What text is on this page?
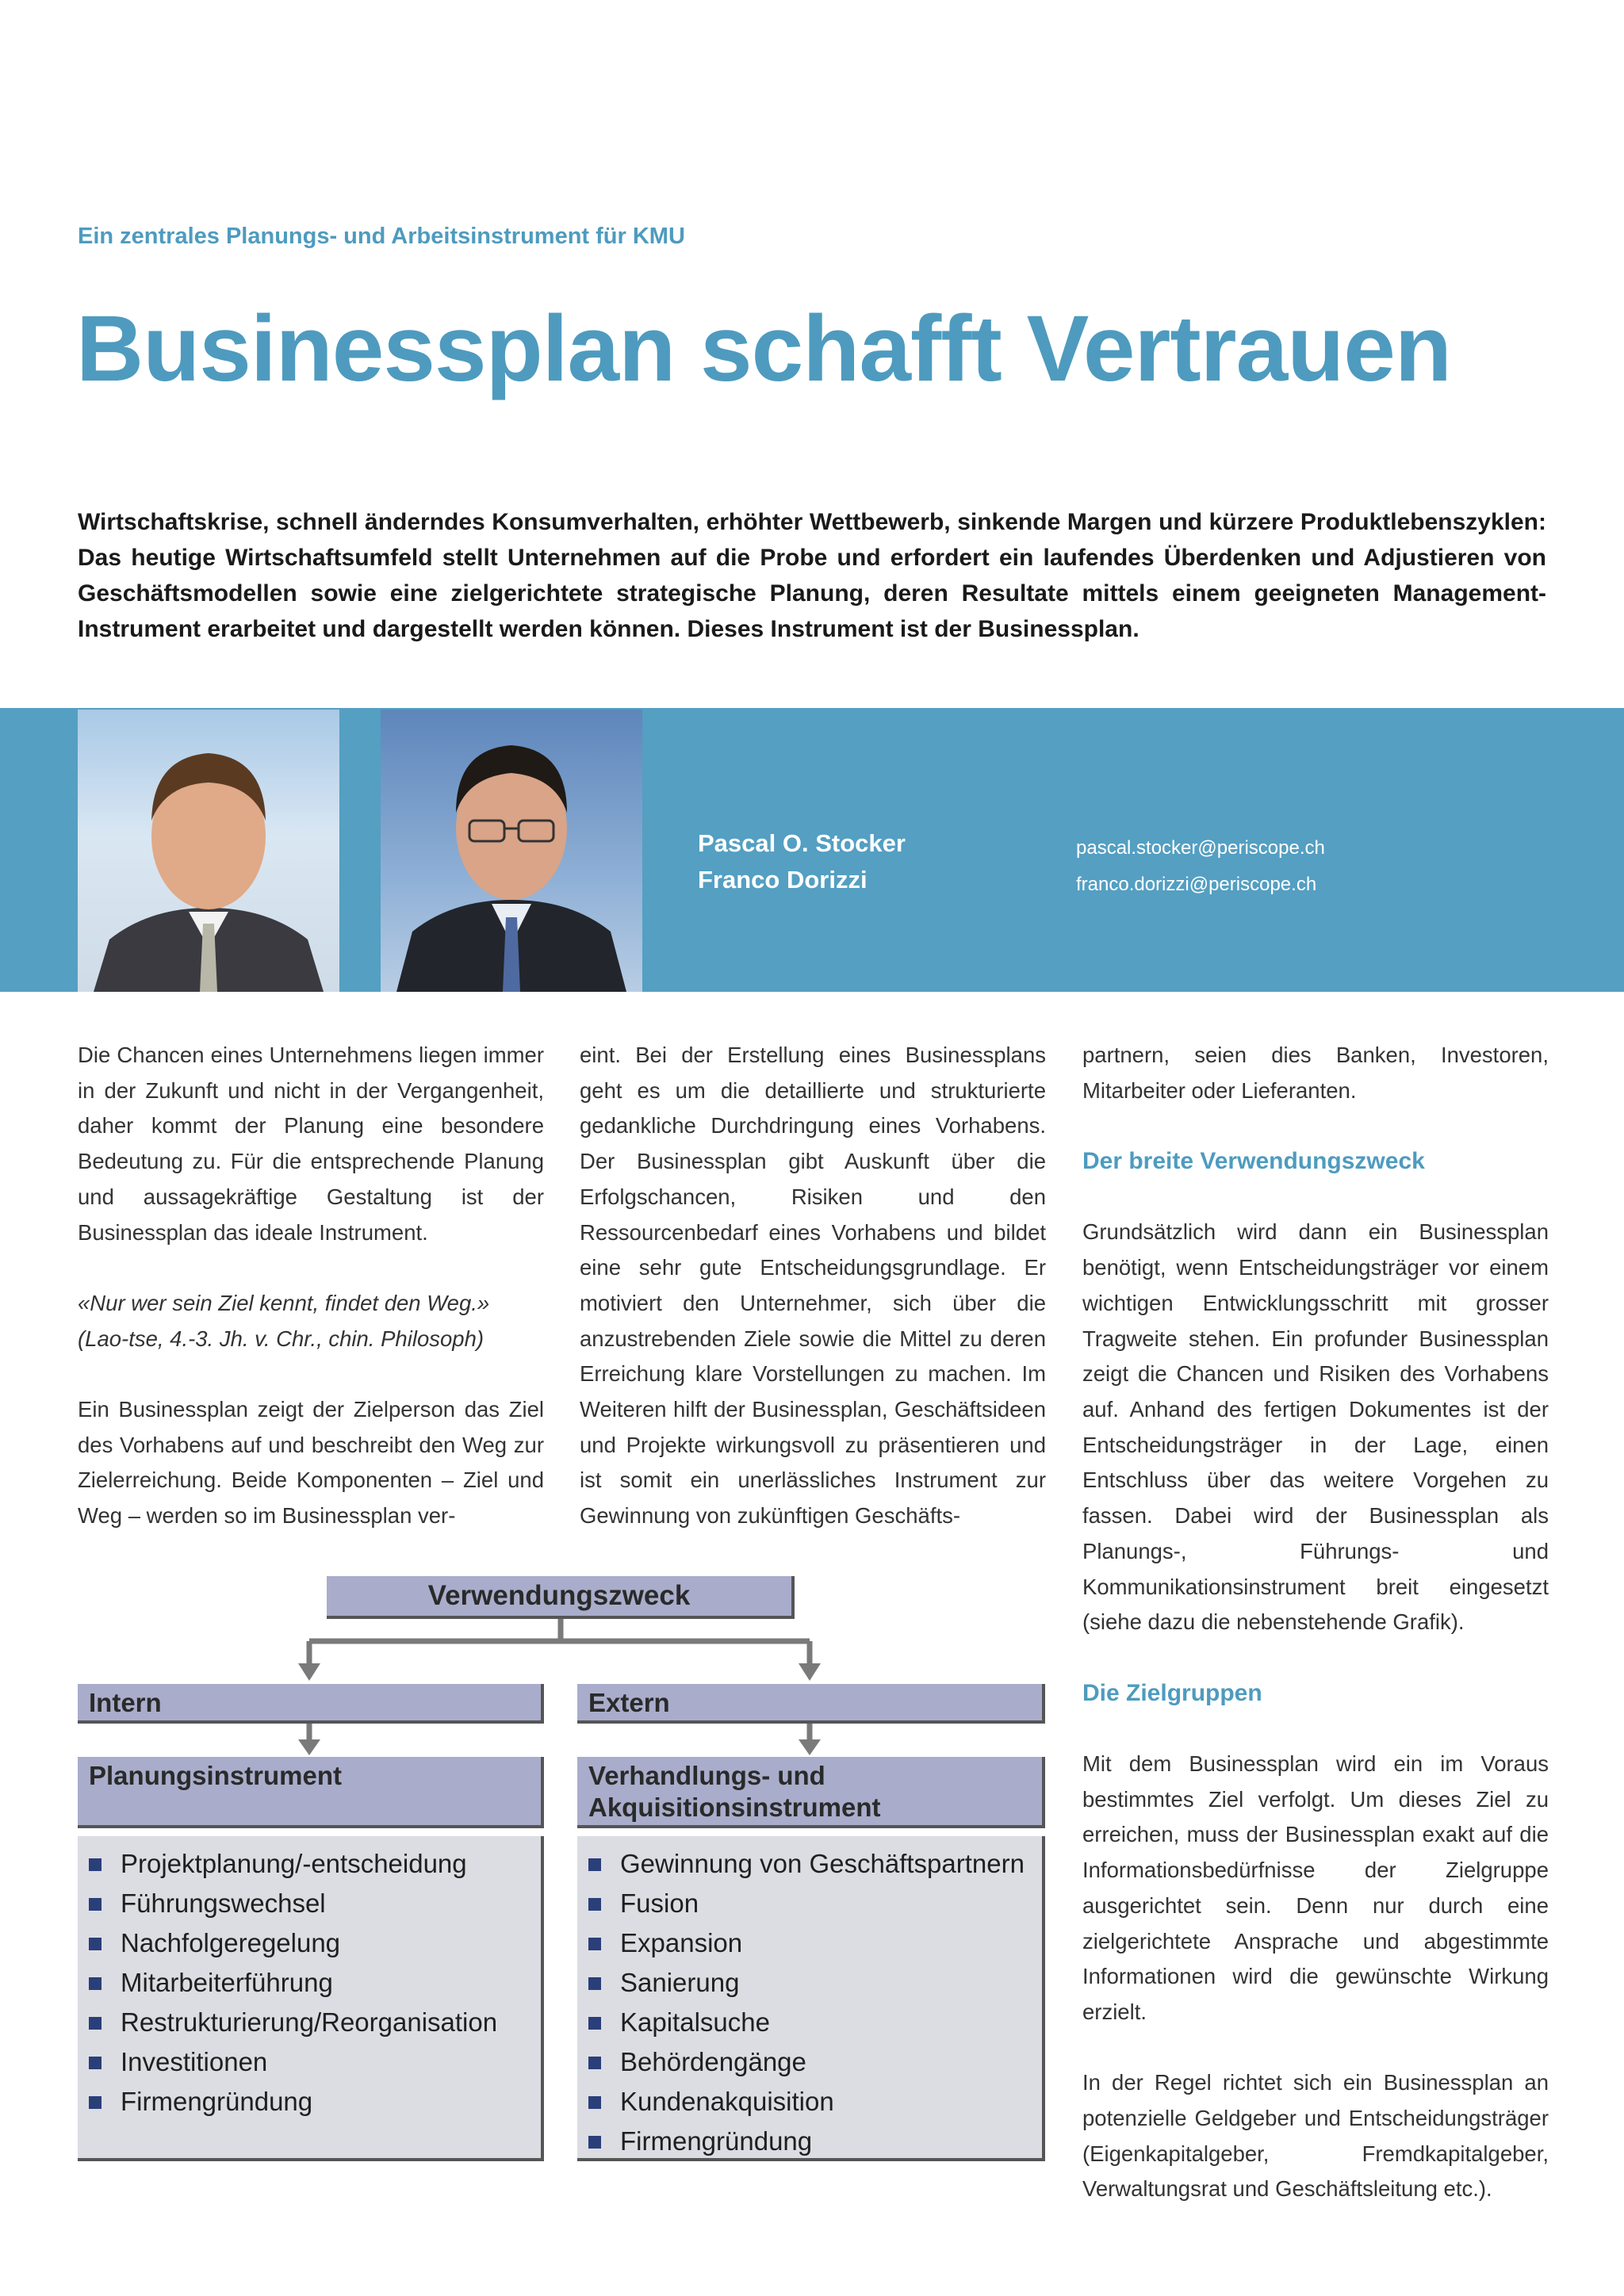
Ein zentrales Planungs- und Arbeitsinstrument für KMU
Businessplan schafft Vertrauen
Wirtschaftskrise, schnell änderndes Konsumverhalten, erhöhter Wettbewerb, sinkende Margen und kürzere Produktlebenszyklen: Das heutige Wirtschaftsumfeld stellt Unternehmen auf die Probe und erfordert ein laufendes Überdenken und Adjustieren von Geschäftsmodellen sowie eine zielgerichtete strategische Planung, deren Resultate mittels einem geeigneten Management-Instrument erarbeitet und dargestellt werden können. Dieses Instrument ist der Businessplan.
Pascal O. Stocker
Franco Dorizzi
pascal.stocker@periscope.ch
franco.dorizzi@periscope.ch

Die Chancen eines Unternehmens liegen immer in der Zukunft und nicht in der Vergangenheit, daher kommt der Planung eine besondere Bedeutung zu. Für die entsprechende Planung und aussagekräftige Gestaltung ist der Businessplan das ideale Instrument.

«Nur wer sein Ziel kennt, findet den Weg.»
(Lao-tse, 4.-3. Jh. v. Chr., chin. Philosoph)

Ein Businessplan zeigt der Zielperson das Ziel des Vorhabens auf und beschreibt den Weg zur Zielerreichung. Beide Komponenten – Ziel und Weg – werden so im Businessplan ver-

eint. Bei der Erstellung eines Businessplans geht es um die detaillierte und strukturierte gedankliche Durchdringung eines Vorhabens. Der Businessplan gibt Auskunft über die Erfolgschancen, Risiken und den Ressourcenbedarf eines Vorhabens und bildet eine sehr gute Entscheidungsgrundlage. Er motiviert den Unternehmer, sich über die anzustrebenden Ziele sowie die Mittel zu deren Erreichung klare Vorstellungen zu machen. Im Weiteren hilft der Businessplan, Geschäftsideen und Projekte wirkungsvoll zu präsentieren und ist somit ein unerlässliches Instrument zur Gewinnung von zukünftigen Geschäfts-

partnern, seien dies Banken, Investoren, Mitarbeiter oder Lieferanten.

Der breite Verwendungszweck

Grundsätzlich wird dann ein Businessplan benötigt, wenn Entscheidungsträger vor einem wichtigen Entwicklungsschritt mit grosser Tragweite stehen. Ein profunder Businessplan zeigt die Chancen und Risiken des Vorhabens auf. Anhand des fertigen Dokumentes ist der Entscheidungsträger in der Lage, einen Entschluss über das weitere Vorgehen zu fassen. Dabei wird der Businessplan als Planungs-, Führungs- und Kommunikationsinstrument breit eingesetzt (siehe dazu die nebenstehende Grafik).

Die Zielgruppen

Mit dem Businessplan wird ein im Voraus bestimmtes Ziel verfolgt. Um dieses Ziel zu erreichen, muss der Businessplan exakt auf die Informationsbedürfnisse der Zielgruppe ausgerichtet sein. Denn nur durch eine zielgerichtete Ansprache und abgestimmte Informationen wird die gewünschte Wirkung erzielt.

In der Regel richtet sich ein Businessplan an potenzielle Geldgeber und Entscheidungsträger (Eigenkapitalgeber, Fremdkapitalgeber, Verwaltungsrat und Geschäftsleitung etc.).

Verwendungszweck
Intern	Extern
Planungsinstrument	Verhandlungs- und
Akquisitionsinstrument
Projektplanung/-entscheidung
Führungswechsel
Nachfolgeregelung
Mitarbeiterführung
Restrukturierung/Reorganisation
Investitionen
Firmengründung
Gewinnung von Geschäftspartnern
Fusion
Expansion
Sanierung
Kapitalsuche
Behördengänge
Kundenakquisition
Firmengründung
